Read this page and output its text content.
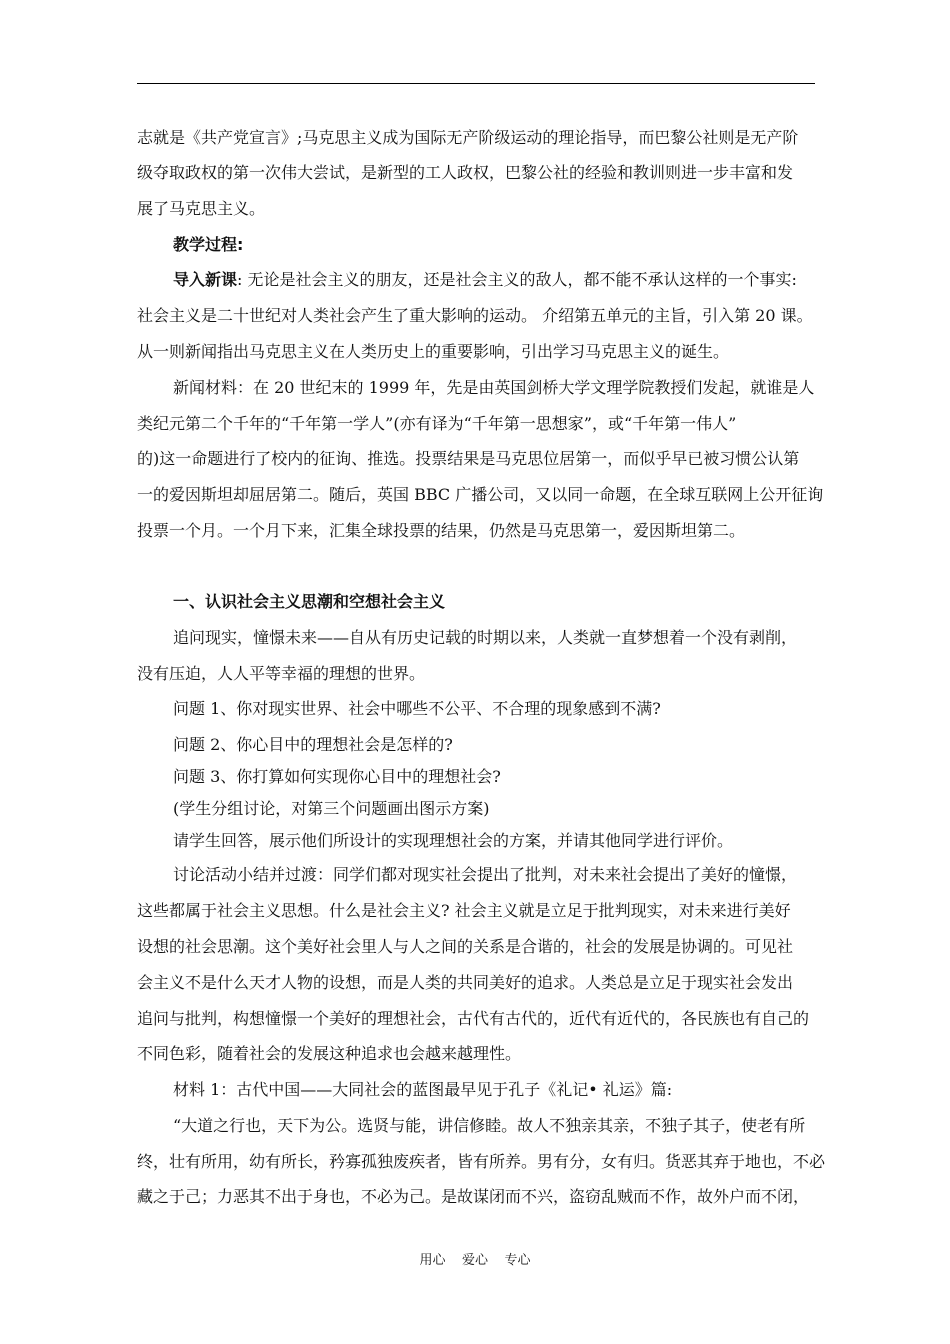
志就是《共产党宣言》;马克思主义成为国际无产阶级运动的理论指导，而巴黎公社则是无产阶
级夺取政权的第一次伟大尝试，是新型的工人政权，巴黎公社的经验和教训则进一步丰富和发
展了马克思主义。
教学过程:
导入新课: 无论是社会主义的朋友，还是社会主义的敌人，都不能不承认这样的一个事实:
社会主义是二十世纪对人类社会产生了重大影响的运动。 介绍第五单元的主旨，引入第 20 课。
从一则新闻指出马克思主义在人类历史上的重要影响，引出学习马克思主义的诞生。
新闻材料：在 20 世纪末的 1999 年，先是由英国剑桥大学文理学院教授们发起，就谁是人
类纪元第二个千年的“千年第一学人”(亦有译为“千年第一思想家”，或“千年第一伟人”
的)这一命题进行了校内的征询、推选。投票结果是马克思位居第一，而似乎早已被习惯公认第
一的爱因斯坦却屈居第二。随后，英国 BBC 广播公司，又以同一命题，在全球互联网上公开征询
投票一个月。一个月下来，汇集全球投票的结果，仍然是马克思第一，爱因斯坦第二。
一、认识社会主义思潮和空想社会主义
追问现实，憧憬未来——自从有历史记载的时期以来，人类就一直梦想着一个没有剥削，
没有压迫，人人平等幸福的理想的世界。
问题 1、你对现实世界、社会中哪些不公平、不合理的现象感到不满?
问题 2、你心目中的理想社会是怎样的?
问题 3、你打算如何实现你心目中的理想社会?
(学生分组讨论，对第三个问题画出图示方案)
请学生回答，展示他们所设计的实现理想社会的方案，并请其他同学进行评价。
讨论活动小结并过渡：同学们都对现实社会提出了批判，对未来社会提出了美好的憧憬，
这些都属于社会主义思想。什么是社会主义? 社会主义就是立足于批判现实，对未来进行美好
设想的社会思潮。这个美好社会里人与人之间的关系是合谐的，社会的发展是协调的。可见社
会主义不是什么天才人物的设想，而是人类的共同美好的追求。人类总是立足于现实社会发出
追问与批判，构想憧憬一个美好的理想社会，古代有古代的，近代有近代的，各民族也有自己的
不同色彩，随着社会的发展这种追求也会越来越理性。
材料 1：古代中国——大同社会的蓝图最早见于孔子《礼记• 礼运》篇:
“大道之行也，天下为公。选贤与能，讲信修睦。故人不独亲其亲，不独子其子，使老有所
终，壮有所用，幼有所长，矜寡孤独废疾者，皆有所养。男有分，女有归。货恶其弃于地也，不必
藏之于己；力恶其不出于身也，不必为己。是故谋闭而不兴，盗窃乱贼而不作，故外户而不闭，
用心    爱心    专心
